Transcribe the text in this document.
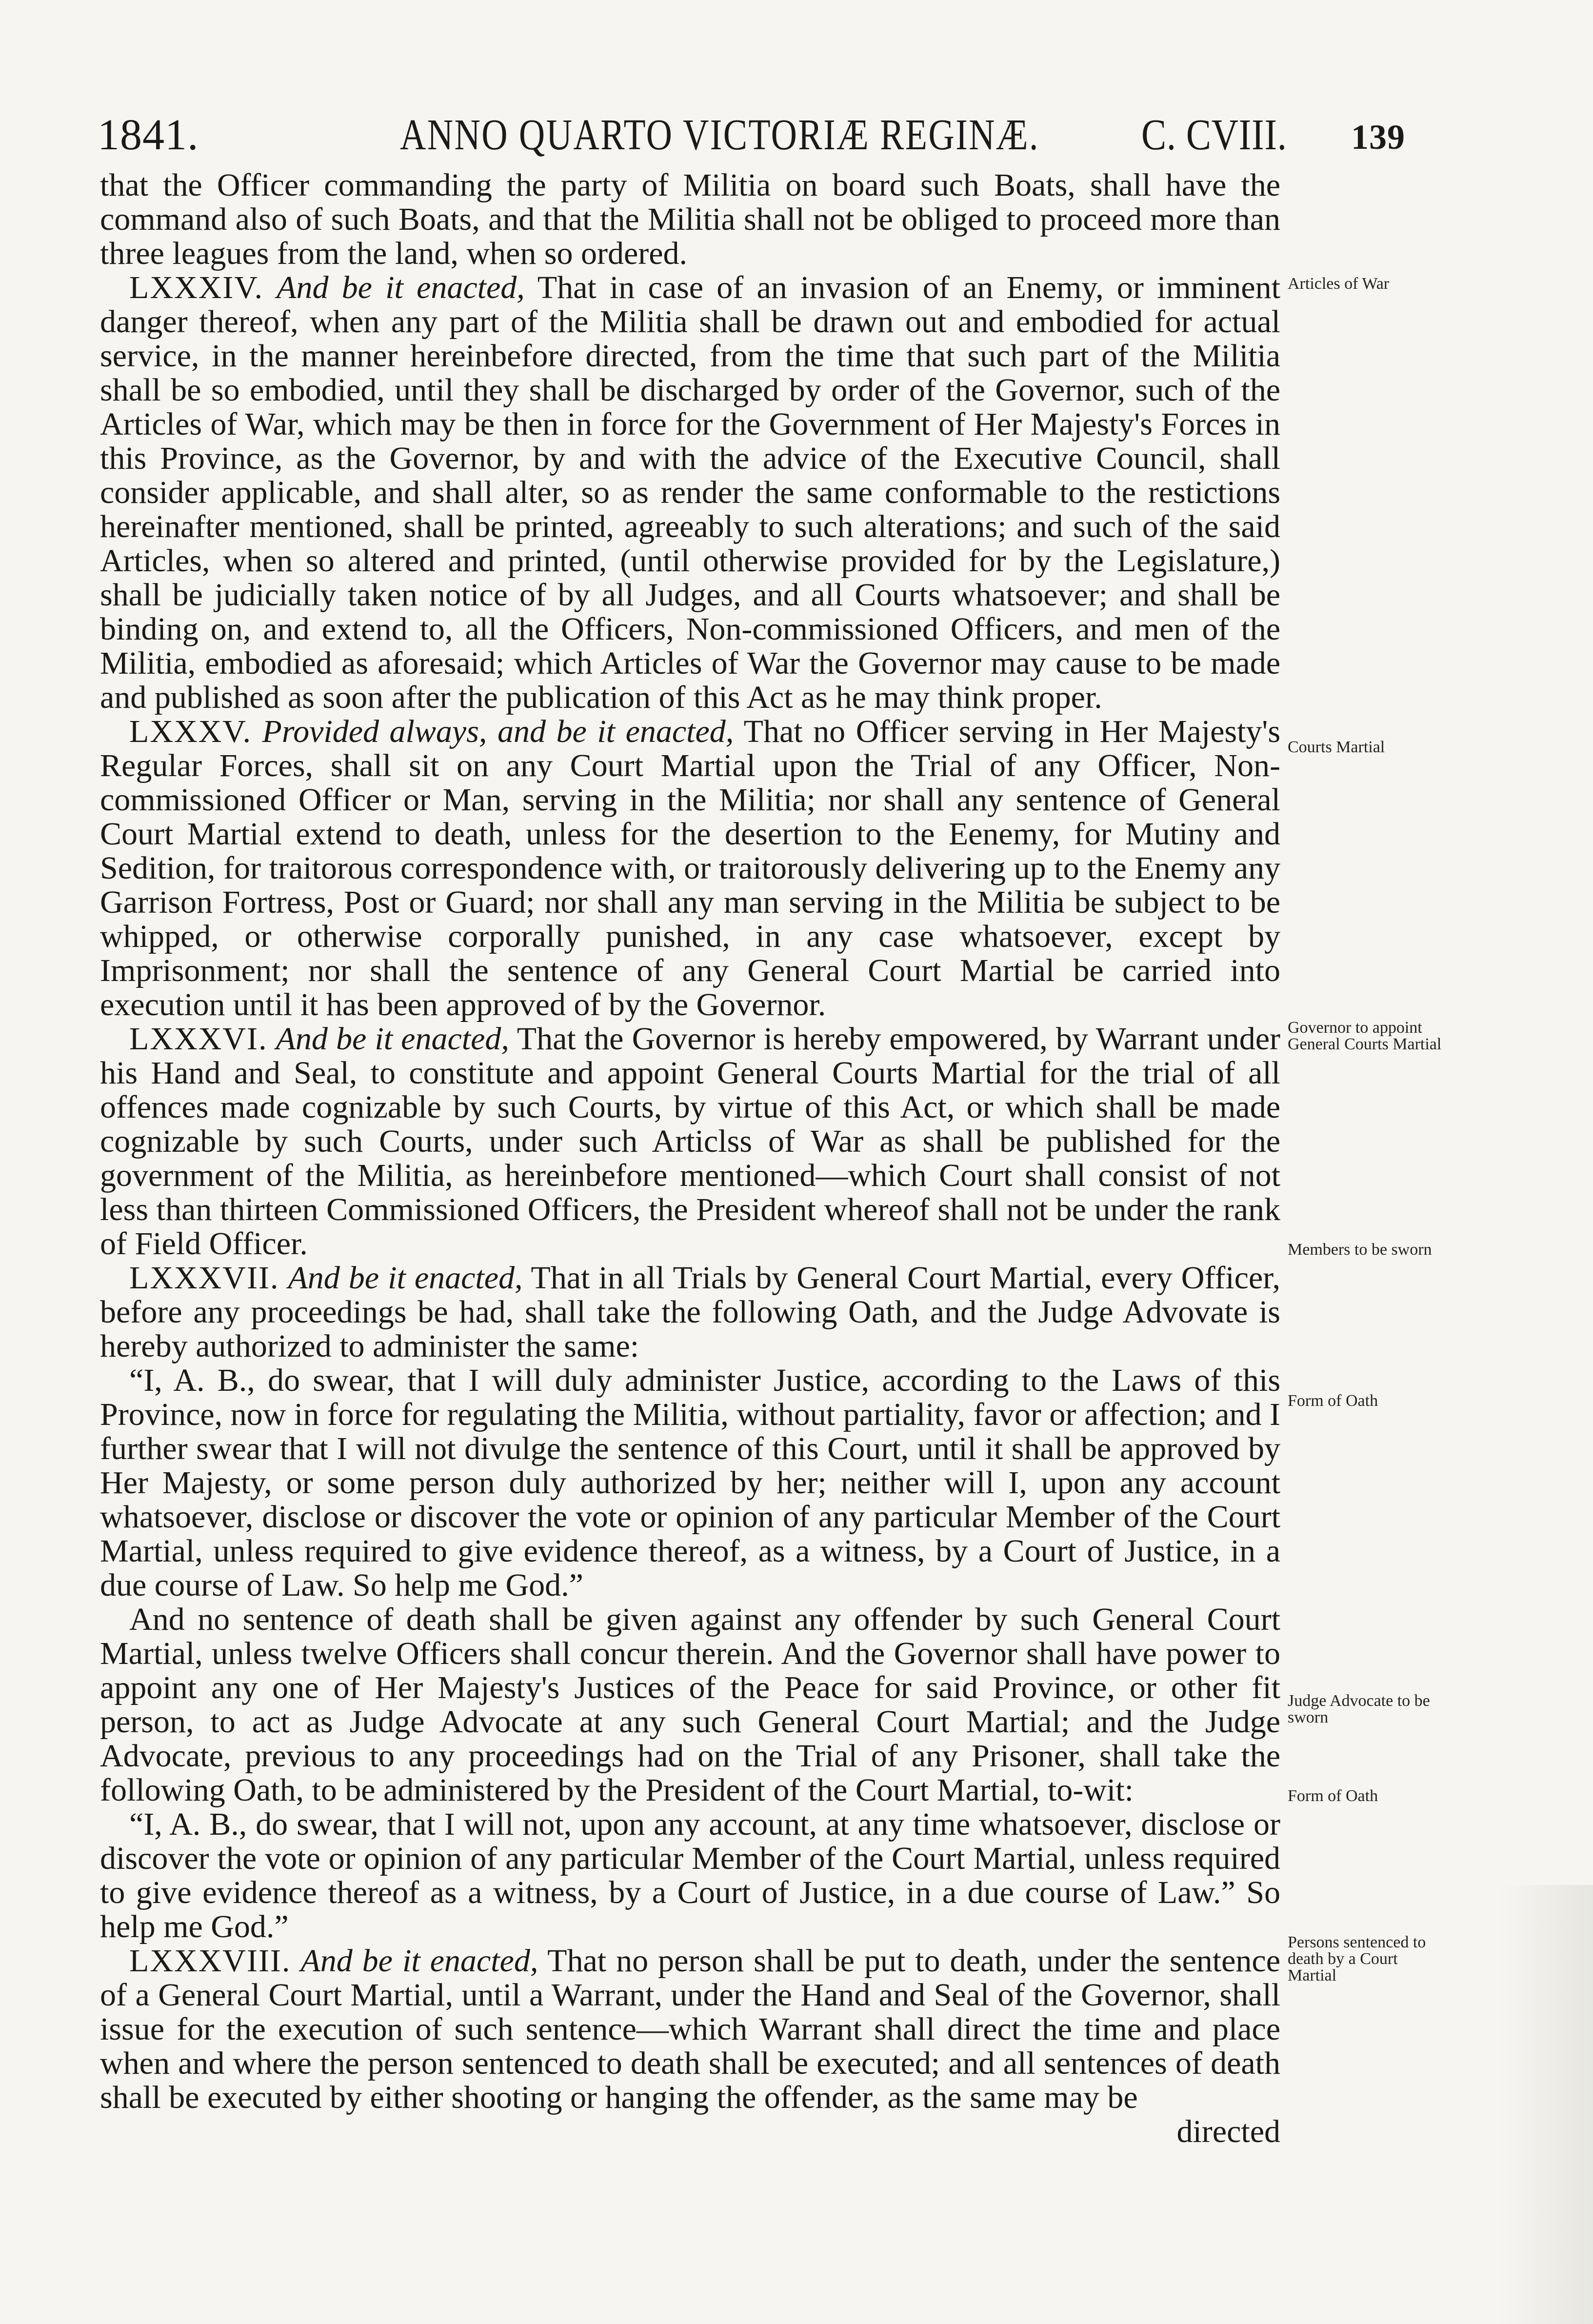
1841.	ANNO QUARTO VICTORIÆ REGINÆ. C. CVIII. 139

that the Officer commanding the party of Militia on board such Boats, shall have the command also of such Boats, and that the Militia shall not be obliged to proceed more than three leagues from the land, when so ordered.

LXXXIV. And be it enacted, That in case of an invasion of an Enemy, or imminent danger thereof, when any part of the Militia shall be drawn out and embodied for actual service, in the manner hereinbefore directed, from the time that such part of the Militia shall be so embodied, until they shall be discharged by order of the Governor, such of the Articles of War, which may be then in force for the Government of Her Majesty's Forces in this Province, as the Governor, by and with the advice of the Executive Council, shall consider applicable, and shall alter, so as render the same conformable to the restictions hereinafter mentioned, shall be printed, agreeably to such alterations; and such of the said Articles, when so altered and printed, (until otherwise provided for by the Legislature,) shall be judicially taken notice of by all Judges, and all Courts whatsoever; and shall be binding on, and extend to, all the Officers, Non-commissioned Officers, and men of the Militia, embodied as aforesaid; which Articles of War the Governor may cause to be made and published as soon after the publication of this Act as he may think proper.

LXXXV. Provided always, and be it enacted, That no Officer serving in Her Majesty's Regular Forces, shall sit on any Court Martial upon the Trial of any Officer, Non-commissioned Officer or Man, serving in the Militia; nor shall any sentence of General Court Martial extend to death, unless for the desertion to the Eenemy, for Mutiny and Sedition, for traitorous correspondence with, or traitorously delivering up to the Enemy any Garrison Fortress, Post or Guard; nor shall any man serving in the Militia be subject to be whipped, or otherwise corporally punished, in any case whatsoever, except by Imprisonment; nor shall the sentence of any General Court Martial be carried into execution until it has been approved of by the Governor.

LXXXVI. And be it enacted, That the Governor is hereby empowered, by Warrant under his Hand and Seal, to constitute and appoint General Courts Martial for the trial of all offences made cognizable by such Courts, by virtue of this Act, or which shall be made cognizable by such Courts, under such Articlss of War as shall be published for the government of the Militia, as hereinbefore mentioned—which Court shall consist of not less than thirteen Commissioned Officers, the President whereof shall not be under the rank of Field Officer.

LXXXVII. And be it enacted, That in all Trials by General Court Martial, every Officer, before any proceedings be had, shall take the following Oath, and the Judge Advovate is hereby authorized to administer the same:

“I, A. B., do swear, that I will duly administer Justice, according to the Laws of this Province, now in force for regulating the Militia, without partiality, favor or affection; and I further swear that I will not divulge the sentence of this Court, until it shall be approved by Her Majesty, or some person duly authorized by her; neither will I, upon any account whatsoever, disclose or discover the vote or opinion of any particular Member of the Court Martial, unless required to give evidence thereof, as a witness, by a Court of Justice, in a due course of Law. So help me God.”

And no sentence of death shall be given against any offender by such General Court Martial, unless twelve Officers shall concur therein. And the Governor shall have power to appoint any one of Her Majesty's Justices of the Peace for said Province, or other fit person, to act as Judge Advocate at any such General Court Martial; and the Judge Advocate, previous to any proceedings had on the Trial of any Prisoner, shall take the following Oath, to be administered by the President of the Court Martial, to-wit:

“I, A. B., do swear, that I will not, upon any account, at any time whatsoever, disclose or discover the vote or opinion of any particular Member of the Court Martial, unless required to give evidence thereof as a witness, by a Court of Justice, in a due course of Law.” So help me God.”

LXXXVIII. And be it enacted, That no person shall be put to death, under the sentence of a General Court Martial, until a Warrant, under the Hand and Seal of the Governor, shall issue for the execution of such sentence—which Warrant shall direct the time and place when and where the person sentenced to death shall be executed; and all sentences of death shall be executed by either shooting or hanging the offender, as the same may be

directed

Articles of War
Courts Martial
Governor to appoint General Courts Martial
Members to be sworn
Form of Oath
Judge Advocate to be sworn
Form of Oath
Persons sentenced to death by a Court Martial
